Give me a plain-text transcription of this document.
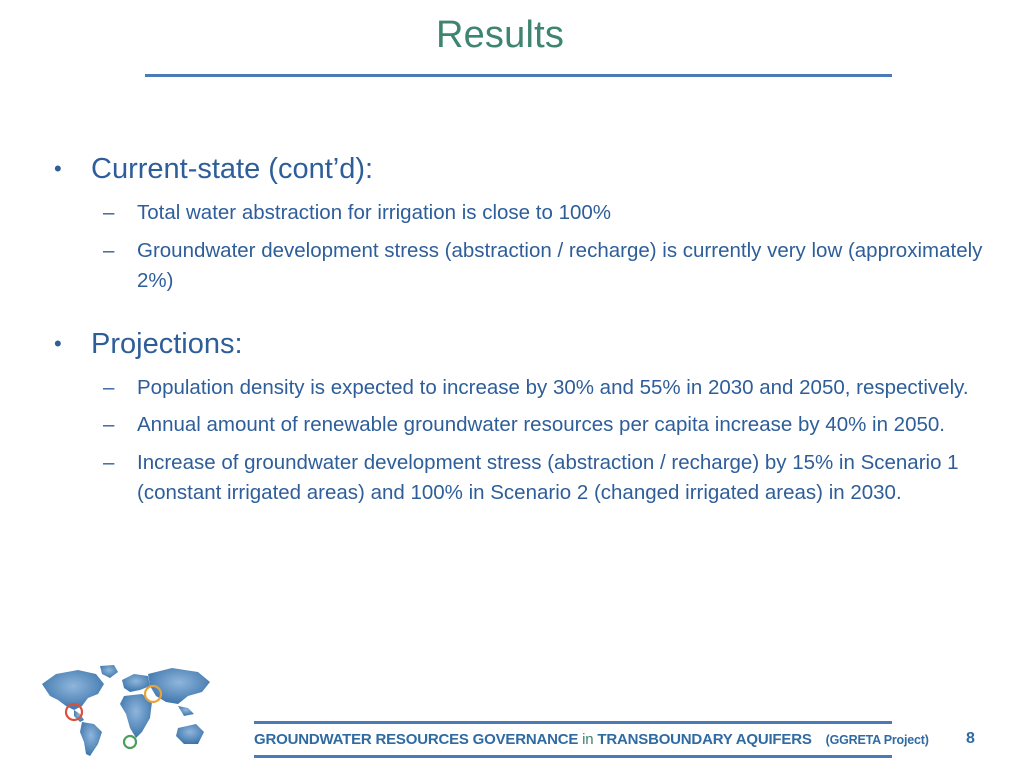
Results
•	Current-state (cont’d):
–	Total water abstraction for irrigation is close to 100%
–	Groundwater development stress (abstraction / recharge) is currently very low (approximately 2%)
•	Projections:
–	Population density is expected to increase by 30% and 55% in 2030 and 2050, respectively.
–	Annual amount of renewable groundwater resources per capita increase by 40% in 2050.
–	Increase of groundwater development stress (abstraction / recharge) by 15% in Scenario 1 (constant irrigated areas) and 100% in Scenario 2 (changed irrigated areas) in 2030.
GROUNDWATER RESOURCES GOVERNANCE in TRANSBOUNDARY AQUIFERS (GGRETA Project) 8
